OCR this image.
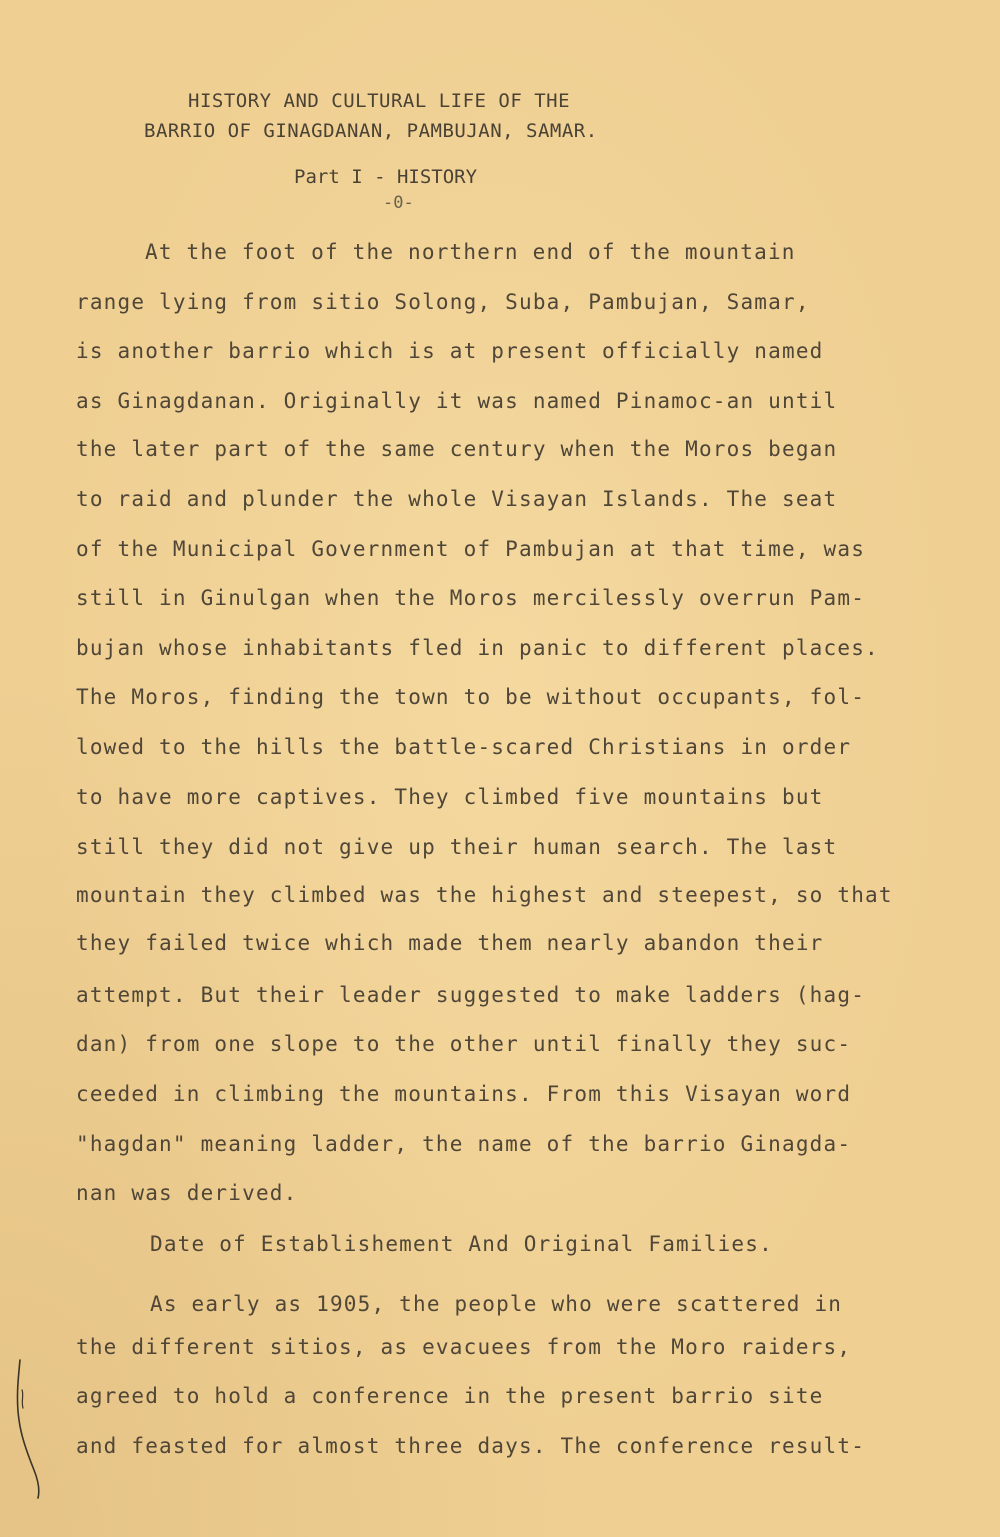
HISTORY AND CULTURAL LIFE OF THE
BARRIO OF GINAGDANAN, PAMBUJAN, SAMAR.
Part I - HISTORY
-0-
At the foot of the northern end of the mountain
range lying from sitio Solong, Suba, Pambujan, Samar,
is another barrio which is at present officially named
as Ginagdanan. Originally it was named Pinamoc-an until
the later part of the same century when the Moros began
to raid and plunder the whole Visayan Islands. The seat
of the Municipal Government of Pambujan at that time, was
still in Ginulgan when the Moros mercilessly overrun Pam-
bujan whose inhabitants fled in panic to different places.
The Moros, finding the town to be without occupants, fol-
lowed to the hills the battle-scared Christians in order
to have more captives. They climbed five mountains but
still they did not give up their human search. The last
mountain they climbed was the highest and steepest, so that
they failed twice which made them nearly abandon their
attempt. But their leader suggested to make ladders (hag-
dan) from one slope to the other until finally they suc-
ceeded in climbing the mountains. From this Visayan word
"hagdan" meaning ladder, the name of the barrio Ginagda-
nan was derived.
Date of Establishement And Original Families.
As early as 1905, the people who were scattered in
the different sitios, as evacuees from the Moro raiders,
agreed to hold a conference in the present barrio site
and feasted for almost three days. The conference result-
